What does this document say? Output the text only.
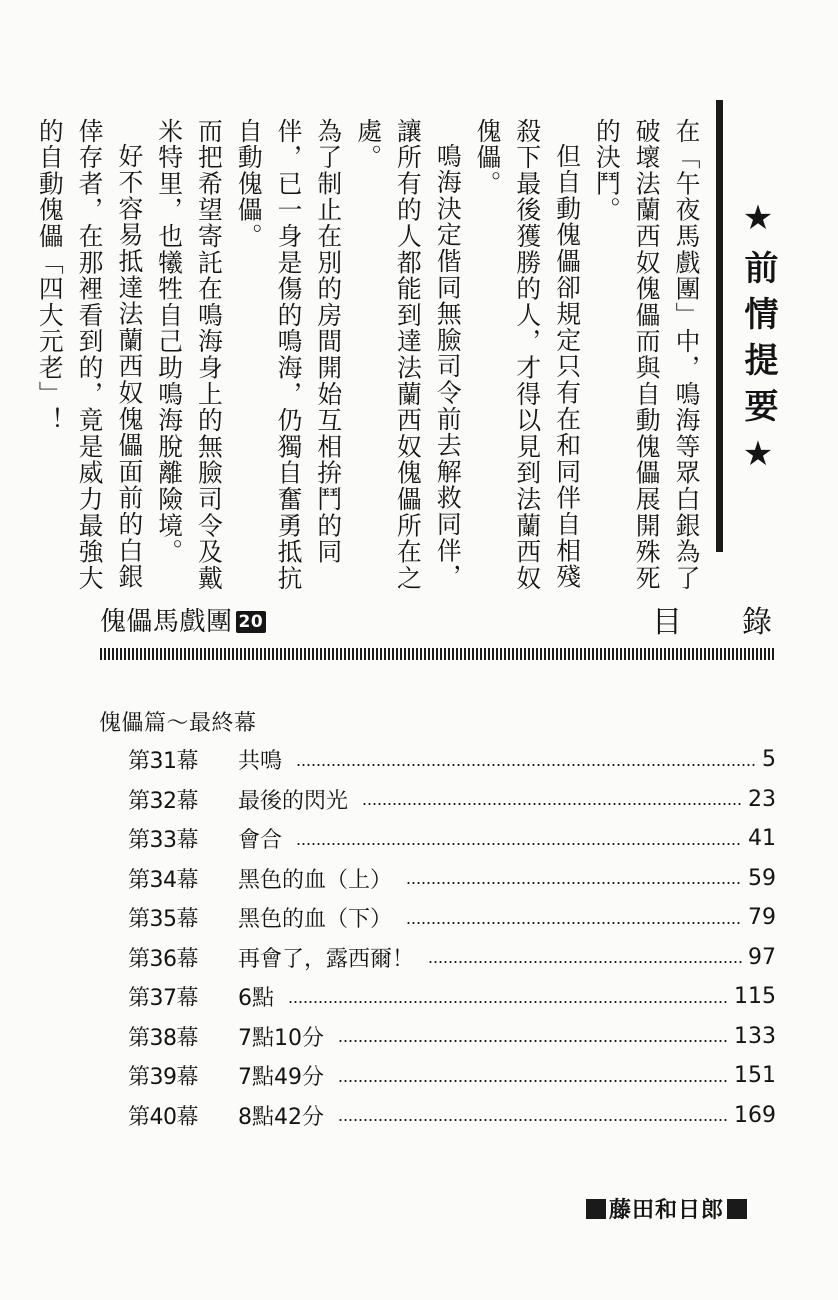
★前情提要★

在「午夜馬戲團」中，鳴海等眾白銀為了破壞法蘭西奴傀儡而與自動傀儡展開殊死的決鬥。

但自動傀儡卻規定只有在和同伴自相殘殺下最後獲勝的人，才得以見到法蘭西奴傀儡。

鳴海決定偕同無臉司令前去解救同伴，讓所有的人都能到達法蘭西奴傀儡所在之處。

為了制止在別的房間開始互相拚鬥的同伴，已一身是傷的鳴海，仍獨自奮勇抵抗自動傀儡。

而把希望寄託在鳴海身上的無臉司令及戴米特里，也犧牲自己助鳴海脫離險境。

好不容易抵達法蘭西奴傀儡面前的白銀倖存者，在那裡看到的，竟是威力最強大的自動傀儡「四大元老」！

傀儡馬戲團 20	目 錄
傀儡篇～最終幕
第31幕	共鳴	5
第32幕	最後的閃光	23
第33幕	會合	41
第34幕	黑色的血（上）	59
第35幕	黑色的血（下）	79
第36幕	再會了，露西爾！	97
第37幕	6點	115
第38幕	7點10分	133
第39幕	7點49分	151
第40幕	8點42分	169
藤田和日郎
